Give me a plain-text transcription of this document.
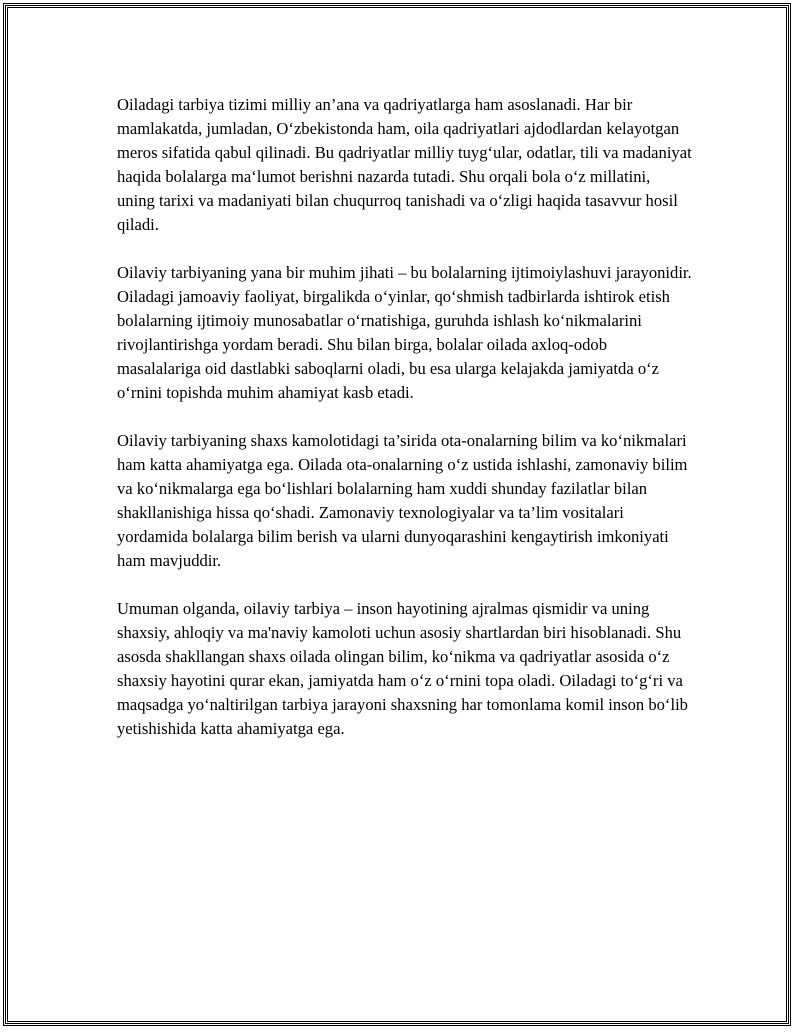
Oiladagi tarbiya tizimi milliy an’ana va qadriyatlarga ham asoslanadi. Har bir mamlakatda, jumladan, O‘zbekistonda ham, oila qadriyatlari ajdodlardan kelayotgan meros sifatida qabul qilinadi. Bu qadriyatlar milliy tuyg‘ular, odatlar, tili va madaniyat haqida bolalarga ma‘lumot berishni nazarda tutadi. Shu orqali bola o‘z millatini, uning tarixi va madaniyati bilan chuqurroq tanishadi va o‘zligi haqida tasavvur hosil qiladi.

Oilaviy tarbiyaning yana bir muhim jihati – bu bolalarning ijtimoiylashuvi jarayonidir. Oiladagi jamoaviy faoliyat, birgalikda o‘yinlar, qo‘shmish tadbirlarda ishtirok etish bolalarning ijtimoiy munosabatlar o‘rnatishiga, guruhda ishlash ko‘nikmalarini rivojlantirishga yordam beradi. Shu bilan birga, bolalar oilada axloq-odob masalalariga oid dastlabki saboqlarni oladi, bu esa ularga kelajakda jamiyatda o‘z o‘rnini topishda muhim ahamiyat kasb etadi.

Oilaviy tarbiyaning shaxs kamolotidagi ta’sirida ota-onalarning bilim va ko‘nikmalari ham katta ahamiyatga ega. Oilada ota-onalarning o‘z ustida ishlashi, zamonaviy bilim va ko‘nikmalarga ega bo‘lishlari bolalarning ham xuddi shunday fazilatlar bilan shakllanishiga hissa qo‘shadi. Zamonaviy texnologiyalar va ta’lim vositalari yordamida bolalarga bilim berish va ularni dunyoqarashini kengaytirish imkoniyati ham mavjuddir.

Umuman olganda, oilaviy tarbiya – inson hayotining ajralmas qismidir va uning shaxsiy, ahloqiy va ma'naviy kamoloti uchun asosiy shartlardan biri hisoblanadi. Shu asosda shakllangan shaxs oilada olingan bilim, ko‘nikma va qadriyatlar asosida o‘z shaxsiy hayotini qurar ekan, jamiyatda ham o‘z o‘rnini topa oladi. Oiladagi to‘g‘ri va maqsadga yo‘naltirilgan tarbiya jarayoni shaxsning har tomonlama komil inson bo‘lib yetishishida katta ahamiyatga ega.
